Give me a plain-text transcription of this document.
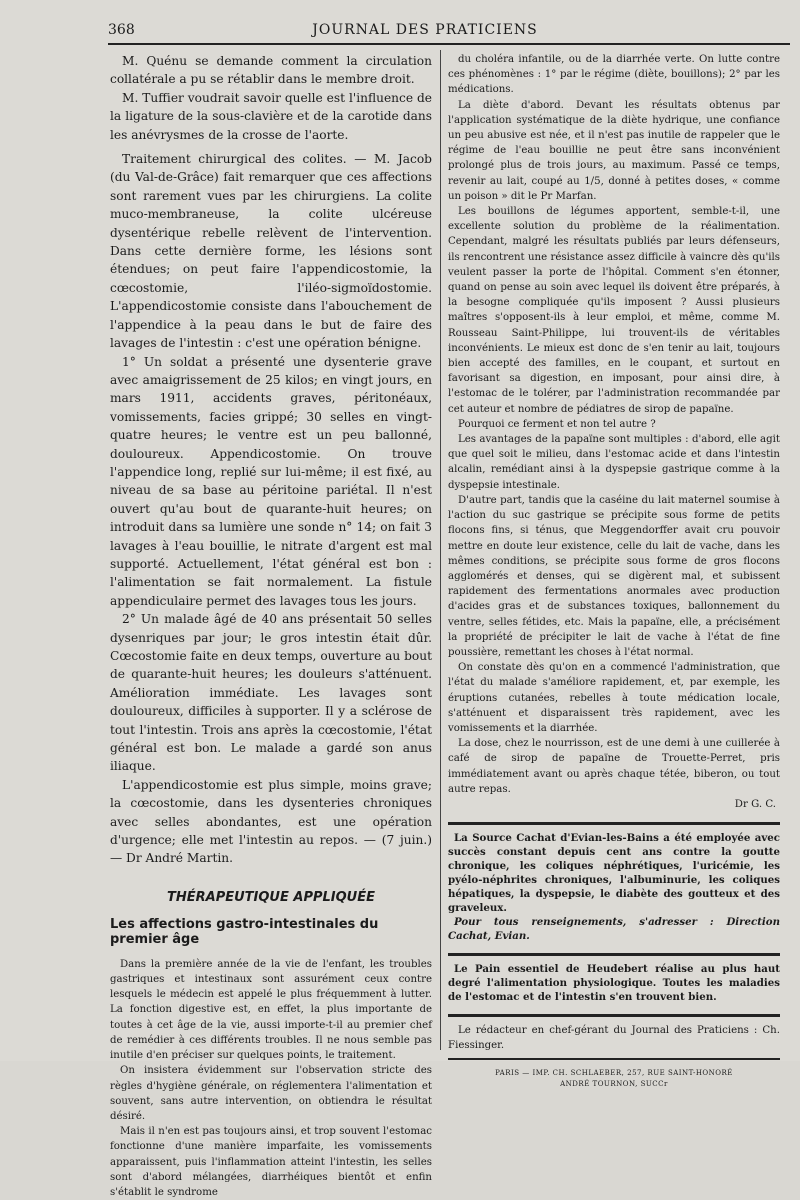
368	JOURNAL DES PRATICIENS

M. Quénu se demande comment la circulation collatérale a pu se rétablir dans le membre droit.

M. Tuffier voudrait savoir quelle est l'influence de la ligature de la sous-clavière et de la carotide dans les anévrysmes de la crosse de l'aorte.

Traitement chirurgical des colites. — M. Jacob (du Val-de-Grâce) fait remarquer que ces affections sont rarement vues par les chirurgiens. La colite muco-membraneuse, la colite ulcéreuse dysentérique rebelle relèvent de l'intervention. Dans cette dernière forme, les lésions sont étendues; on peut faire l'appendicostomie, la cœcostomie, l'iléo-sigmoïdostomie. L'appendicostomie consiste dans l'abouchement de l'appendice à la peau dans le but de faire des lavages de l'intestin : c'est une opération bénigne.

1° Un soldat a présenté une dysenterie grave avec amaigrissement de 25 kilos; en vingt jours, en mars 1911, accidents graves, péritonéaux, vomissements, facies grippé; 30 selles en vingt-quatre heures; le ventre est un peu ballonné, douloureux. Appendicostomie. On trouve l'appendice long, replié sur lui-même; il est fixé, au niveau de sa base au péritoine pariétal. Il n'est ouvert qu'au bout de quarante-huit heures; on introduit dans sa lumière une sonde n° 14; on fait 3 lavages à l'eau bouillie, le nitrate d'argent est mal supporté. Actuellement, l'état général est bon : l'alimentation se fait normalement. La fistule appendiculaire permet des lavages tous les jours.

2° Un malade âgé de 40 ans présentait 50 selles dysenriques par jour; le gros intestin était dûr. Cœcostomie faite en deux temps, ouverture au bout de quarante-huit heures; les douleurs s'atténuent. Amélioration immédiate. Les lavages sont douloureux, difficiles à supporter. Il y a sclérose de tout l'intestin. Trois ans après la cœcostomie, l'état général est bon. Le malade a gardé son anus iliaque.

L'appendicostomie est plus simple, moins grave; la cœcostomie, dans les dysenteries chroniques avec selles abondantes, est une opération d'urgence; elle met l'intestin au repos. — (7 juin.) — Dr André Martin.

THÉRAPEUTIQUE APPLIQUÉE
Les affections gastro-intestinales du premier âge

Dans la première année de la vie de l'enfant, les troubles gastriques et intestinaux sont assurément ceux contre lesquels le médecin est appelé le plus fréquemment à lutter. La fonction digestive est, en effet, la plus importante de toutes à cet âge de la vie, aussi importe-t-il au premier chef de remédier à ces différents troubles. Il ne nous semble pas inutile d'en préciser sur quelques points, le traitement.

On insistera évidemment sur l'observation stricte des règles d'hygiène générale, on réglementera l'alimentation et souvent, sans autre intervention, on obtiendra le résultat désiré.

Mais il n'en est pas toujours ainsi, et trop souvent l'estomac fonctionne d'une manière imparfaite, les vomissements apparaissent, puis l'inflammation atteint l'intestin, les selles sont d'abord mélangées, diarrhéiques bientôt et enfin s'établit le syndrome

du choléra infantile, ou de la diarrhée verte. On lutte contre ces phénomènes : 1° par le régime (diète, bouillons); 2° par les médications.

La diète d'abord. Devant les résultats obtenus par l'application systématique de la diète hydrique, une confiance un peu abusive est née, et il n'est pas inutile de rappeler que le régime de l'eau bouillie ne peut être sans inconvénient prolongé plus de trois jours, au maximum. Passé ce temps, revenir au lait, coupé au 1/5, donné à petites doses, « comme un poison » dit le Pr Marfan.

Les bouillons de légumes apportent, semble-t-il, une excellente solution du problème de la réalimentation. Cependant, malgré les résultats publiés par leurs défenseurs, ils rencontrent une résistance assez difficile à vaincre dès qu'ils veulent passer la porte de l'hôpital. Comment s'en étonner, quand on pense au soin avec lequel ils doivent être préparés, à la besogne compliquée qu'ils imposent ? Aussi plusieurs maîtres s'opposent-ils à leur emploi, et même, comme M. Rousseau Saint-Philippe, lui trouvent-ils de véritables inconvénients. Le mieux est donc de s'en tenir au lait, toujours bien accepté des familles, en le coupant, et surtout en favorisant sa digestion, en imposant, pour ainsi dire, à l'estomac de le tolérer, par l'administration recommandée par cet auteur et nombre de pédiatres de sirop de papaïne.

Pourquoi ce ferment et non tel autre ?

Les avantages de la papaïne sont multiples : d'abord, elle agit que quel soit le milieu, dans l'estomac acide et dans l'intestin alcalin, remédiant ainsi à la dyspepsie gastrique comme à la dyspepsie intestinale.

D'autre part, tandis que la caséine du lait maternel soumise à l'action du suc gastrique se précipite sous forme de petits flocons fins, si ténus, que Meggendorffer avait cru pouvoir mettre en doute leur existence, celle du lait de vache, dans les mêmes conditions, se précipite sous forme de gros flocons agglomérés et denses, qui se digèrent mal, et subissent rapidement des fermentations anormales avec production d'acides gras et de substances toxiques, ballonnement du ventre, selles fétides, etc. Mais la papaïne, elle, a précisément la propriété de précipiter le lait de vache à l'état de fine poussière, remettant les choses à l'état normal.

On constate dès qu'on en a commencé l'administration, que l'état du malade s'améliore rapidement, et, par exemple, les éruptions cutanées, rebelles à toute médication locale, s'atténuent et disparaissent très rapidement, avec les vomissements et la diarrhée.

La dose, chez le nourrisson, est de une demi à une cuillerée à café de sirop de papaïne de Trouette-Perret, pris immédiatement avant ou après chaque tétée, biberon, ou tout autre repas.

Dr G. C.

La Source Cachat d'Evian-les-Bains a été employée avec succès constant depuis cent ans contre la goutte chronique, les coliques néphrétiques, l'uricémie, les pyélo-néphrites chroniques, l'albuminurie, les coliques hépatiques, la dyspepsie, le diabète des goutteux et des graveleux.

Pour tous renseignements, s'adresser : Direction Cachat, Evian.

Le Pain essentiel de Heudebert réalise au plus haut degré l'alimentation physiologique. Toutes les maladies de l'estomac et de l'intestin s'en trouvent bien.

Le rédacteur en chef-gérant du Journal des Praticiens : Ch. Fiessinger.

PARIS — IMP. CH. SCHLAEBER, 257, RUE SAINT-HONORÉ
ANDRÉ TOURNON, SUCCr
